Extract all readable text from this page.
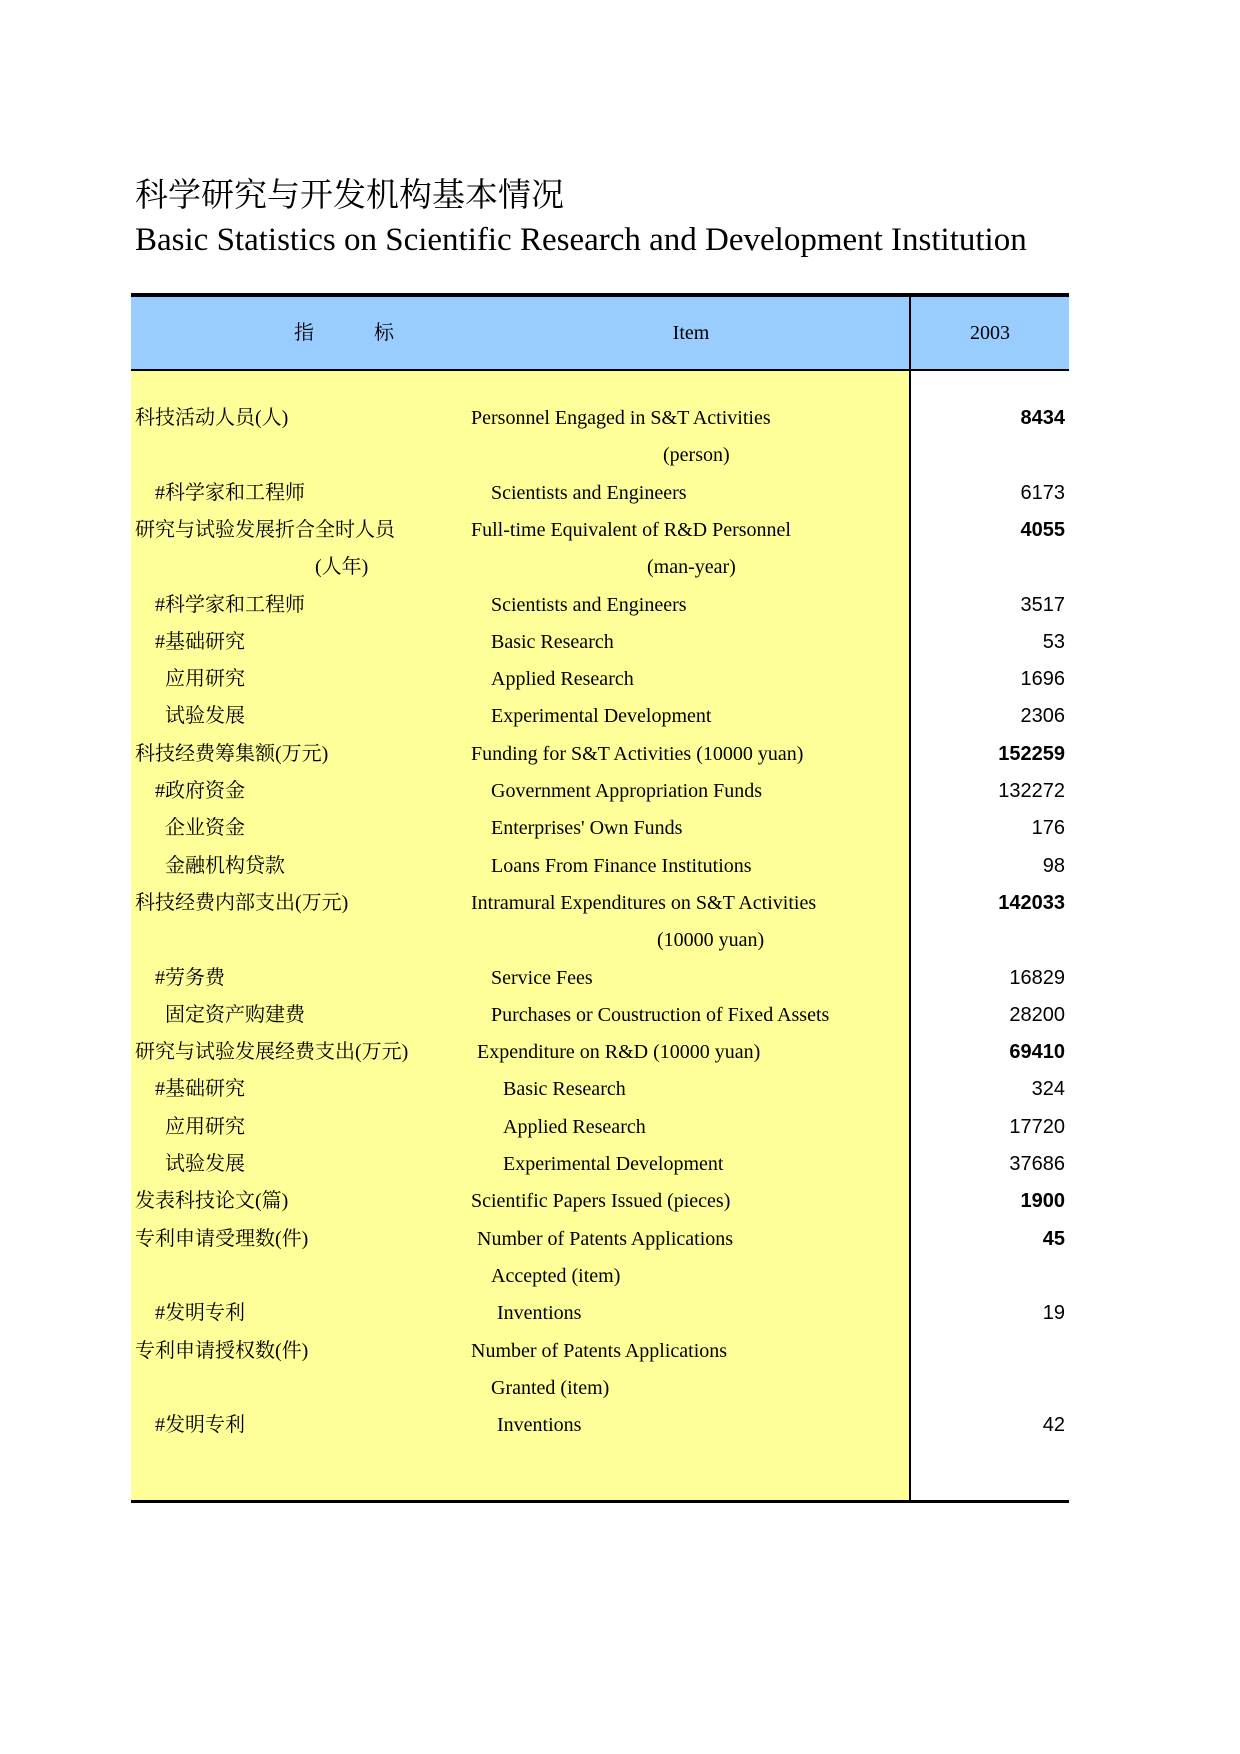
科学研究与开发机构基本情况
Basic Statistics on Scientific Research and Development Institution
指　　　标	Item	2003
科技活动人员(人)	Personnel Engaged in S&T Activities	8434
(person)
#科学家和工程师	Scientists and Engineers	6173
研究与试验发展折合全时人员	Full-time Equivalent of R&D Personnel	4055
(人年)	(man-year)
#科学家和工程师	Scientists and Engineers	3517
#基础研究	Basic Research	53
应用研究	Applied Research	1696
试验发展	Experimental Development	2306
科技经费筹集额(万元)	Funding for S&T Activities (10000 yuan)	152259
#政府资金	Government Appropriation Funds	132272
企业资金	Enterprises' Own Funds	176
金融机构贷款	Loans From Finance Institutions	98
科技经费内部支出(万元)	Intramural Expenditures on S&T Activities	142033
(10000 yuan)
#劳务费	Service Fees	16829
固定资产购建费	Purchases or Coustruction of Fixed Assets	28200
研究与试验发展经费支出(万元)	Expenditure on R&D (10000 yuan)	69410
#基础研究	Basic Research	324
应用研究	Applied Research	17720
试验发展	Experimental Development	37686
发表科技论文(篇)	Scientific Papers Issued (pieces)	1900
专利申请受理数(件)	Number of Patents Applications	45
Accepted (item)
#发明专利	Inventions	19
专利申请授权数(件)	Number of Patents Applications
Granted (item)
#发明专利	Inventions	42
